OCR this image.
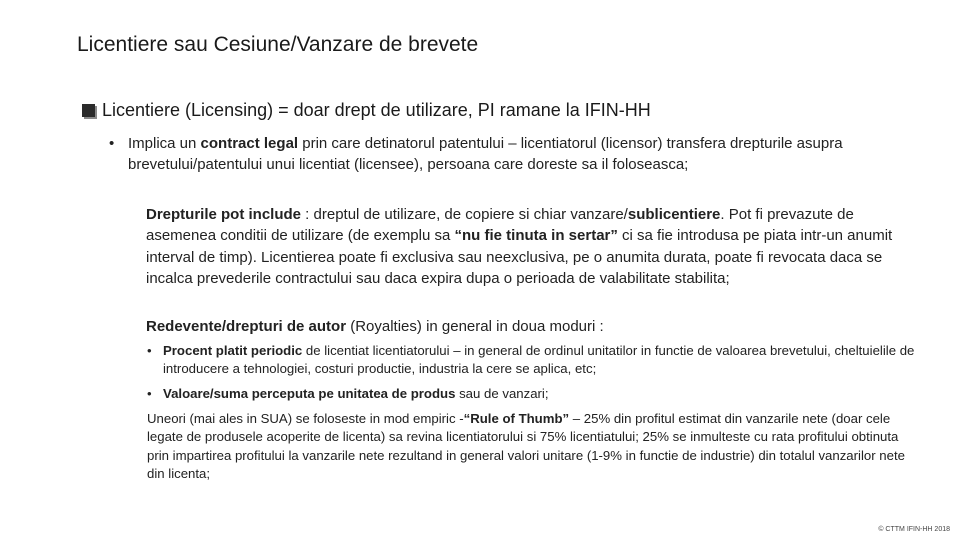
Licentiere sau Cesiune/Vanzare de brevete
Licentiere (Licensing) = doar drept de utilizare, PI ramane la IFIN-HH
• Implica un contract legal prin care detinatorul patentului – licentiatorul (licensor) transfera drepturile asupra brevetului/patentului unui licentiat (licensee), persoana care doreste sa il foloseasca;
Drepturile pot include : dreptul de utilizare, de copiere si chiar vanzare/sublicentiere. Pot fi prevazute de asemenea conditii de utilizare (de exemplu sa “nu fie tinuta in sertar” ci sa fie introdusa pe piata intr-un anumit interval de timp). Licentierea poate fi exclusiva sau neexclusiva, pe o anumita durata, poate fi revocata daca se incalca prevederile contractului sau daca expira dupa o perioada de valabilitate stabilita;
Redevente/drepturi de autor (Royalties) in general in doua moduri :
• Procent platit periodic de licentiat licentiatorului – in general de ordinul unitatilor in functie de valoarea brevetului, cheltuielile de introducere a tehnologiei, costuri productie, industria la cere se aplica, etc;
• Valoare/suma perceputa pe unitatea de produs sau de vanzari;
Uneori (mai ales in SUA) se foloseste in mod empiric -“Rule of Thumb” – 25% din profitul estimat din vanzarile nete (doar cele legate de produsele acoperite de licenta) sa revina licentiatorului si 75% licentiatului; 25% se inmulteste cu rata profitului obtinuta prin impartirea profitului la vanzarile nete rezultand in general valori unitare (1-9% in functie de industrie) din totalul vanzarilor nete din licenta;
© CTTM IFIN-HH 2018
